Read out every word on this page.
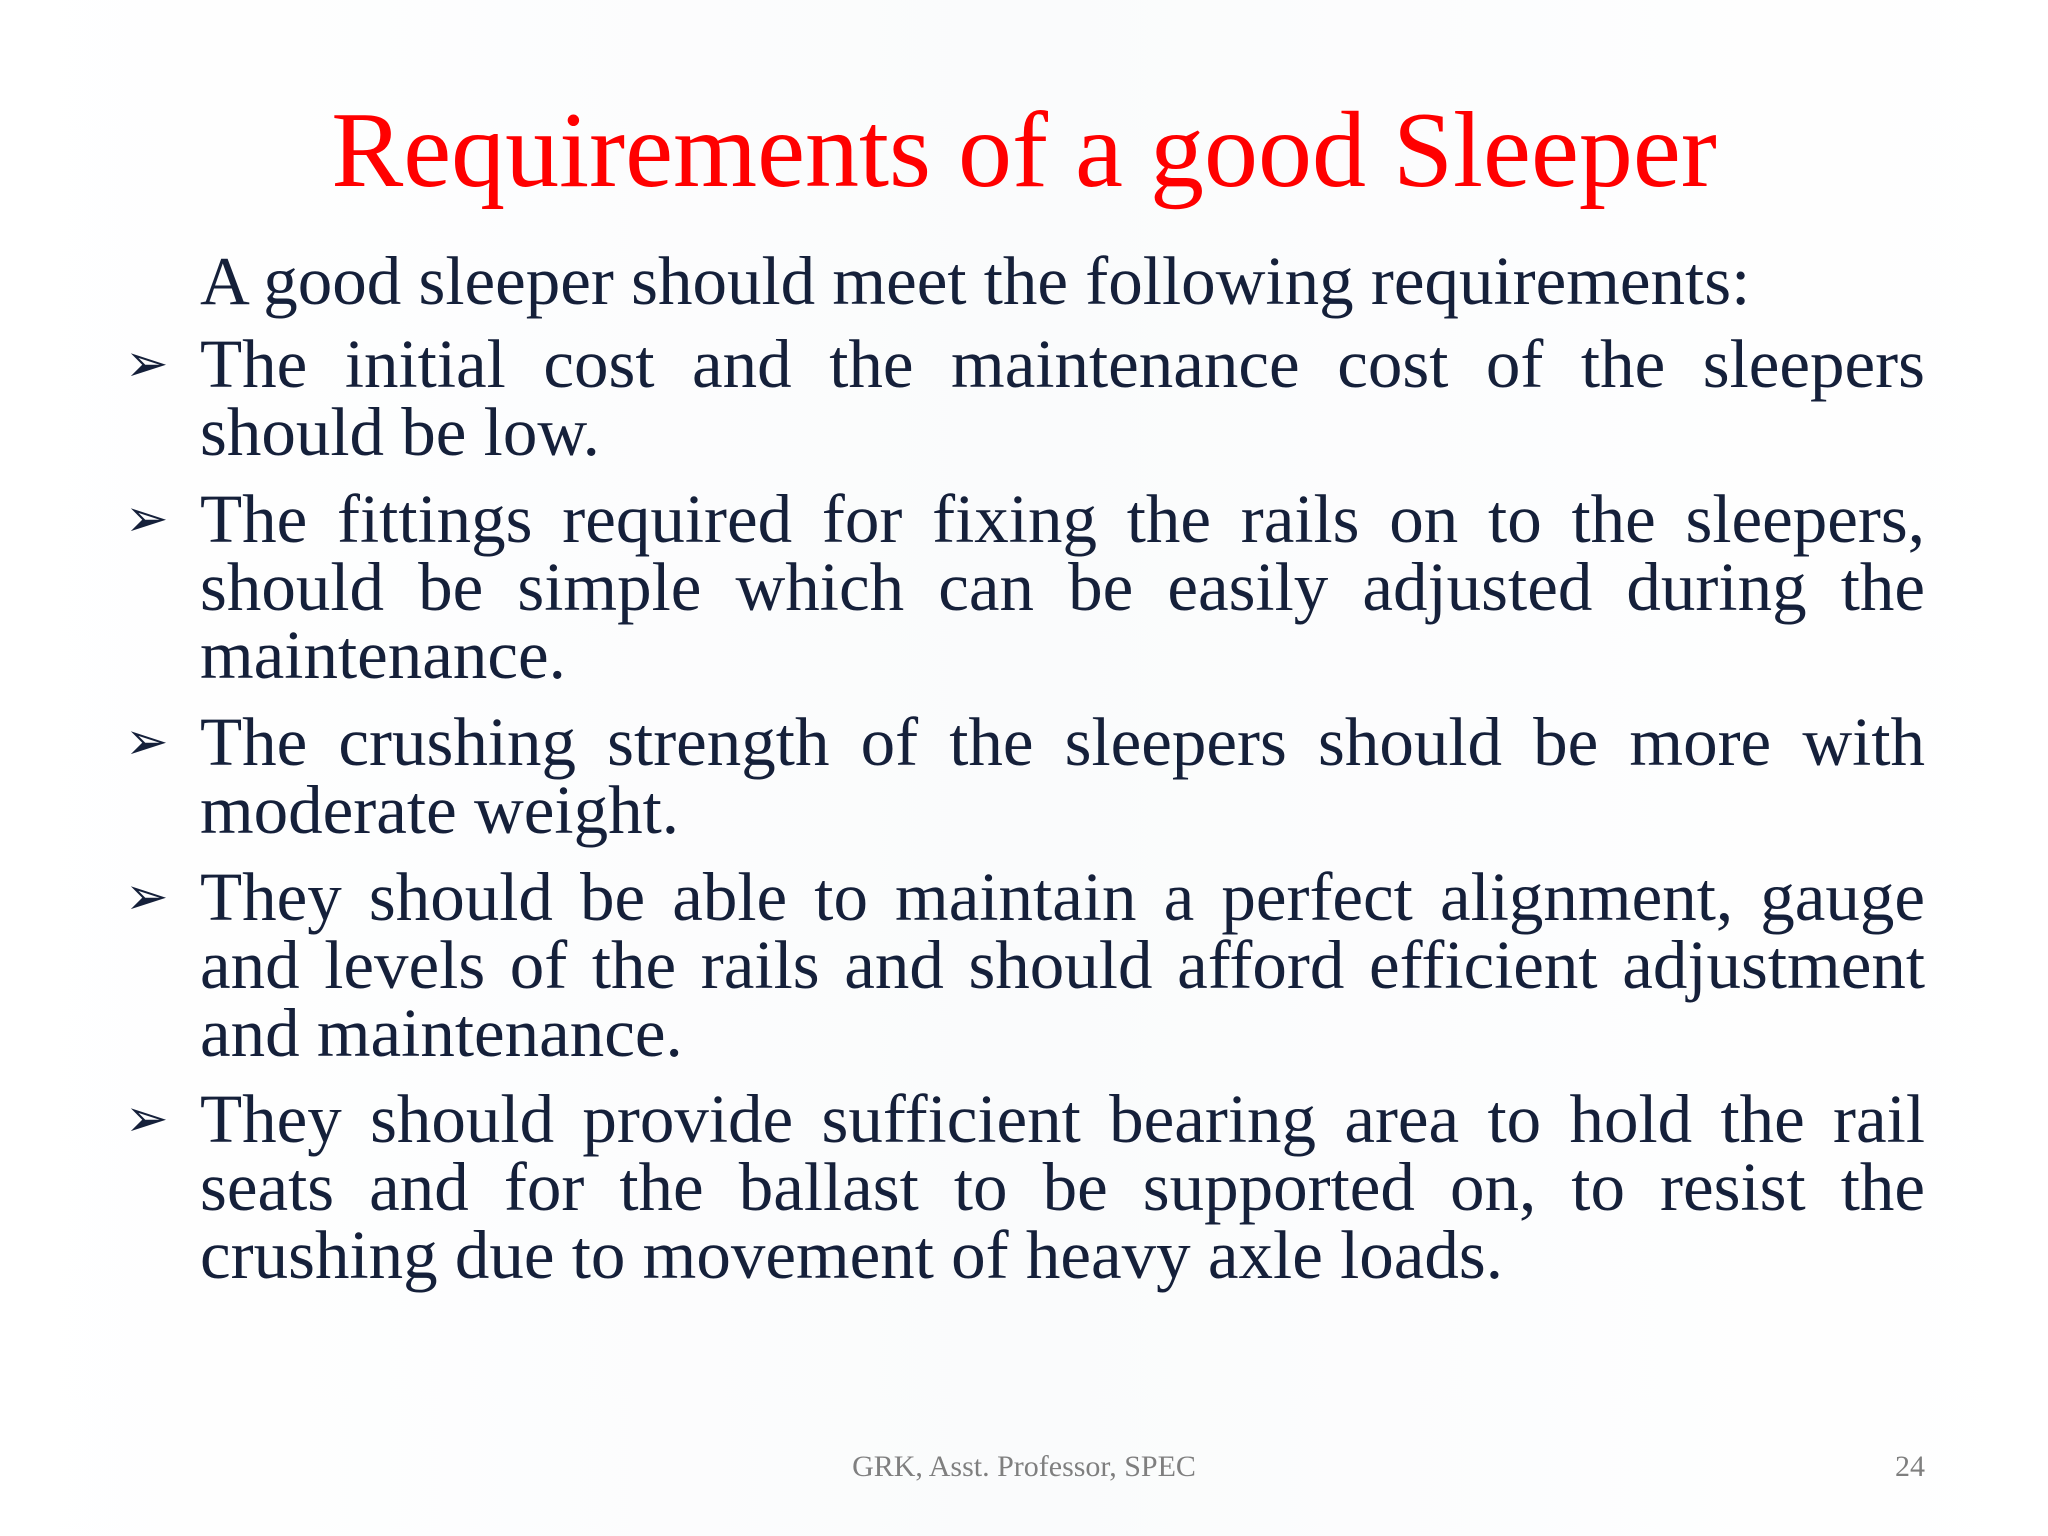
Requirements of a good Sleeper
A good sleeper should meet the following requirements:
➢ The initial cost and the maintenance cost of the sleepers should be low.
➢ The fittings required for fixing the rails on to the sleepers, should be simple which can be easily adjusted during the maintenance.
➢ The crushing strength of the sleepers should be more with moderate weight.
➢ They should be able to maintain a perfect alignment, gauge and levels of the rails and should afford efficient adjustment and maintenance.
➢ They should provide sufficient bearing area to hold the rail seats and for the ballast to be supported on, to resist the crushing due to movement of heavy axle loads.
GRK, Asst. Professor, SPEC	24
